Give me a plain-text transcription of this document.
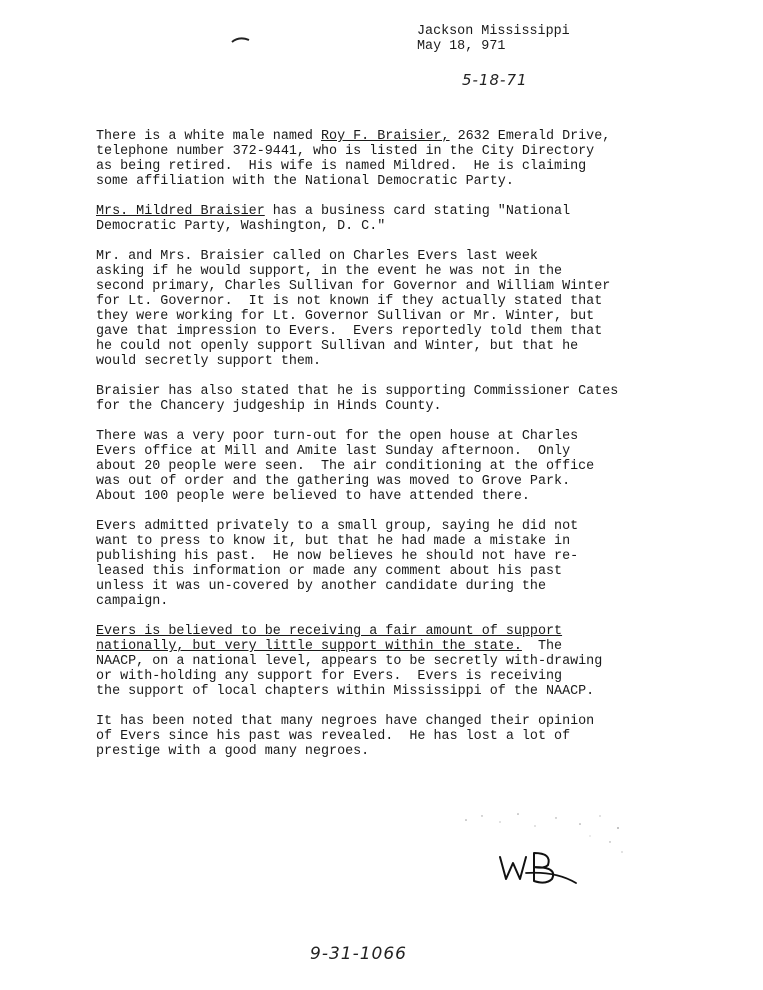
Jackson Mississippi
May 18, 971
5-18-71
There is a white male named Roy F. Braisier, 2632 Emerald Drive,
telephone number 372-9441, who is listed in the City Directory
as being retired.  His wife is named Mildred.  He is claiming
some affiliation with the National Democratic Party.
Mrs. Mildred Braisier has a business card stating "National
Democratic Party, Washington, D. C."
Mr. and Mrs. Braisier called on Charles Evers last week
asking if he would support, in the event he was not in the
second primary, Charles Sullivan for Governor and William Winter
for Lt. Governor.  It is not known if they actually stated that
they were working for Lt. Governor Sullivan or Mr. Winter, but
gave that impression to Evers.  Evers reportedly told them that
he could not openly support Sullivan and Winter, but that he
would secretly support them.
Braisier has also stated that he is supporting Commissioner Cates
for the Chancery judgeship in Hinds County.
There was a very poor turn-out for the open house at Charles
Evers office at Mill and Amite last Sunday afternoon.  Only
about 20 people were seen.  The air conditioning at the office
was out of order and the gathering was moved to Grove Park.
About 100 people were believed to have attended there.
Evers admitted privately to a small group, saying he did not
want to press to know it, but that he had made a mistake in
publishing his past.  He now believes he should not have re-
leased this information or made any comment about his past
unless it was un-covered by another candidate during the
campaign.
Evers is believed to be receiving a fair amount of support
nationally, but very little support within the state.  The
NAACP, on a national level, appears to be secretly with-drawing
or with-holding any support for Evers.  Evers is receiving
the support of local chapters within Mississippi of the NAACP.
It has been noted that many negroes have changed their opinion
of Evers since his past was revealed.  He has lost a lot of
prestige with a good many negroes.
9-31-1066
